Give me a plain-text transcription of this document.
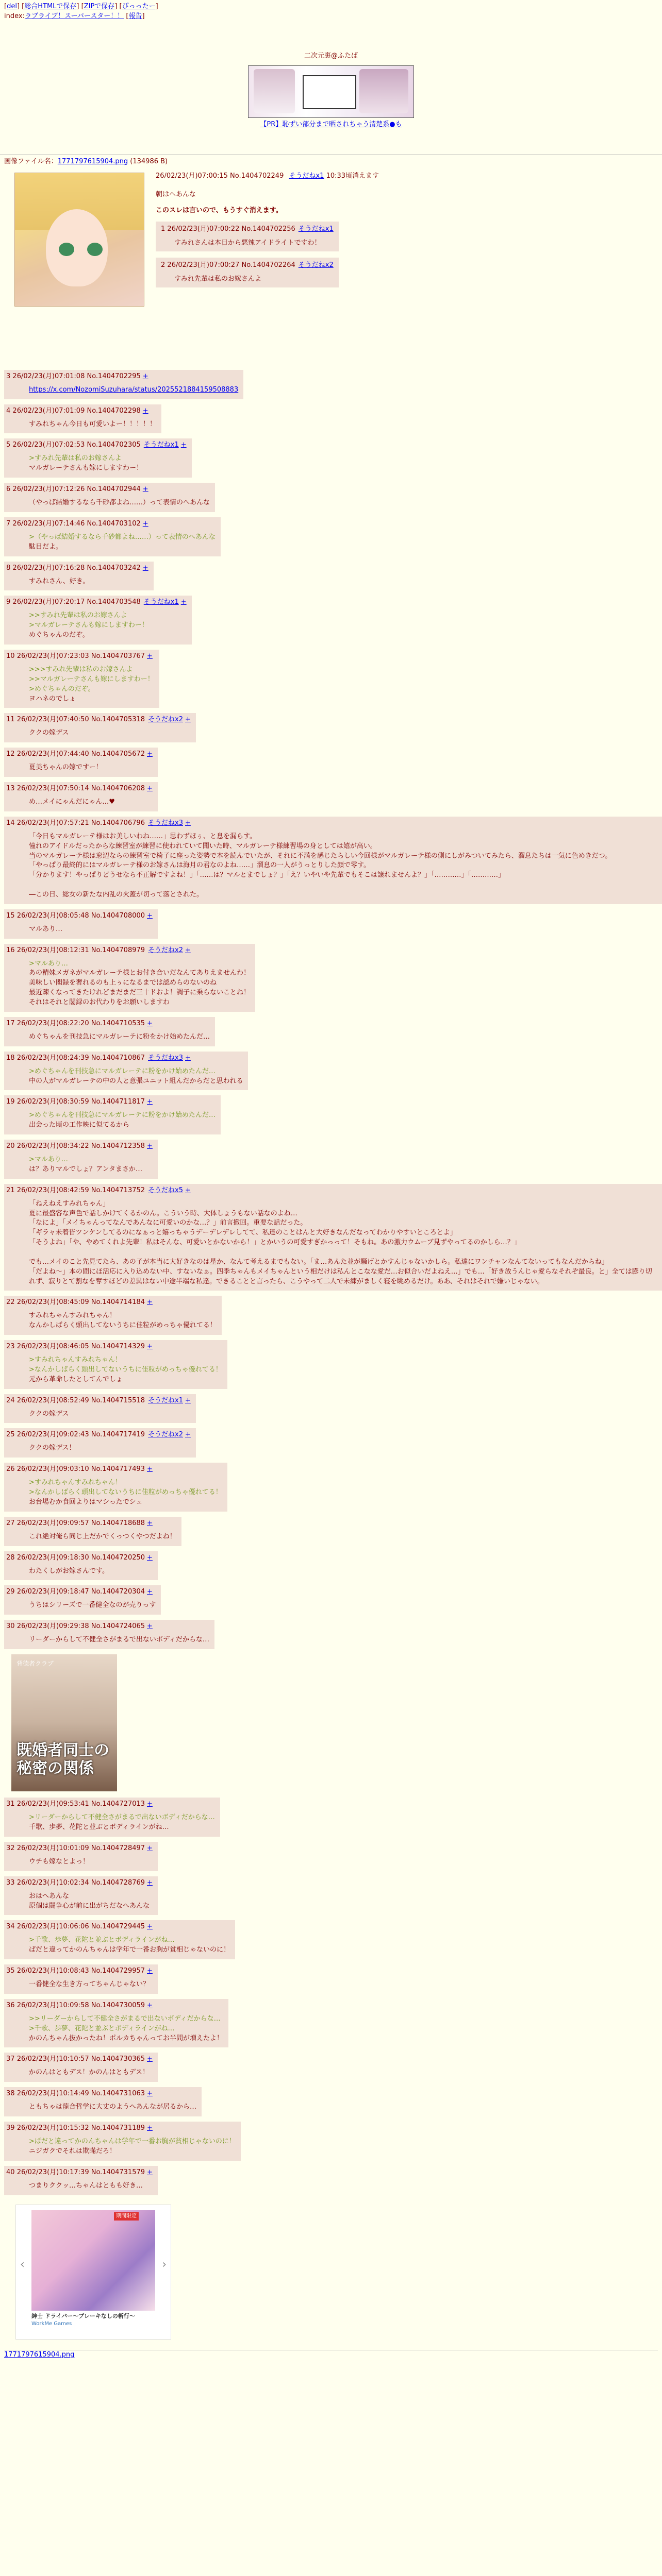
[del] [総合HTMLで保存] [ZIPで保存] [ぴっったー]
index:ラブライブ！スーパースター！！ [報告]
二次元裏@ふたば
【PR】恥ずい部分まで晒されちゃう清楚系●も
画像ファイル名：1771797615904.png (134986 B)
26/02/23(月)07:00:15 No.1404702249 そうだねx1 10:33頃消えます

朝はヘあんな

このスレは言いので、もうすぐ消えます。

1 26/02/23(月)07:00:22 No.1404702256 そうだねx1
すみれさんは本日から悪辣アイドライトですわ！

2 26/02/23(月)07:00:27 No.1404702264 そうだねx2
すみれ先輩は私のお嫁さんよ

3 26/02/23(月)07:01:08 No.1404702295 +
https://x.com/NozomiSuzuhara/status/2025521884159508883
4 26/02/23(月)07:01:09 No.1404702298 +
すみれちゃん今日も可愛いよー！！！！！
5 26/02/23(月)07:02:53 No.1404702305 そうだねx1 +
>すみれ先輩は私のお嫁さんよ
マルガレーテさんも嫁にしますわー！
6 26/02/23(月)07:12:26 No.1404702944 +
（やっば結婚するなら千砂都よね……）って表情のへあんな
7 26/02/23(月)07:14:46 No.1404703102 +
>（やっば結婚するなら千砂都よね……）って表情のへあんな
駄目だよ。
8 26/02/23(月)07:16:28 No.1404703242 +
すみれさん、好き。
9 26/02/23(月)07:20:17 No.1404703548 そうだねx1 +
>>すみれ先輩は私のお嫁さんよ
>マルガレーテさんも嫁にしますわー！
めぐちゃんのだぞ。
10 26/02/23(月)07:23:03 No.1404703767 +
>>>すみれ先輩は私のお嫁さんよ
>>マルガレーテさんも嫁にしますわー！
>めぐちゃんのだぞ。
ヨハネのでしょ
11 26/02/23(月)07:40:50 No.1404705318 そうだねx2 +
ククの嫁デス
12 26/02/23(月)07:44:40 No.1404705672 +
夏美ちゃんの嫁ですー！
13 26/02/23(月)07:50:14 No.1404706208 +
め…メイにゃんだにゃん…♥
14 26/02/23(月)07:57:21 No.1404706796 そうだねx3 +
「今日もマルガレーテ様はお美しいわね……」思わずほぅ、と息を漏らす。
憧れのアイドルだったからな練習室が練習に使われていて聞いた時、マルガレーテ様練習場の身としては嬉が高い。
当のマルガレーテ様は窓辺ならの練習室で椅子に座った姿勢で本を読んでいたが、それに不満を感じたらしい今回様がマルガレーテ様の側にしがみついてみたら、溜息たちは一気に色めきだつ。
「やっぱり最終的にはマルガレーテ様のお嫁さんは海月の君なのよね……」溜息の一人がうっとりした顔で零す。
「分かります！やっぱりどうせなら不正解ですよね！」「……は？マルとまでしょ？」「え？いやいや先輩でもそこは譲れませんよ？」「…………」「…………」

―この日、総女の新たな内乱の火蓋が切って落とされた。
15 26/02/23(月)08:05:48 No.1404708000 +
マルあり…
16 26/02/23(月)08:12:31 No.1404708979 そうだねx2 +
>マルあり…
あの精妹メガネがマルガレーテ様とお付き合いだなんてありえませんわ！
美味しい閣録を奢れるのも上ぅになるまでは認めらのないのね
最近疎くなってきたけれどまだまだ三十ドおよ！調子に乗らないことね！
それはそれと閣録のお代わりをお願いしますわ
17 26/02/23(月)08:22:20 No.1404710535 +
めぐちゃんを刊技急にマルガレーテに粉をかけ始めたんだ…
18 26/02/23(月)08:24:39 No.1404710867 そうだねx3 +
>めぐちゃんを刊技急にマルガレーテに粉をかけ始めたんだ…
中の人がマルガレーテの中の人と意張ユニット組んだからだと思われる
19 26/02/23(月)08:30:59 No.1404711817 +
>めぐちゃんを刊技急にマルガレーテに粉をかけ始めたんだ…
出会った頃の工作映に似てるから
20 26/02/23(月)08:34:22 No.1404712358 +
>マルあり…
は？ありマルでしょ？アンタまさか…
21 26/02/23(月)08:42:59 No.1404713752 そうだねx5 +
「ねえねえすみれちゃん」
夏に最盛容な声色で話しかけてくるかのん。こういう時、大体しょうもない話なのよね…
「なによ」「メイちゃんってなんであんなに可愛いのかな…？」前言撤回。重要な話だった。
「ギラャ未着皆ツンケンしてるのになぁっと嬉っちゃうデーデレデレしてて、私達のことはんと大好きなんだなってわかりやすいところとよ」
「そうよね」「や、やめてくれよ先輩！私はそんな、可愛いとかないから！」とかいうの可愛すぎかっって！そもね。あの激力ウムーブ見ずやってるのかしら…？」

でも…メイのこと先見てたら、あの子が本当に大好きなのは星か、なんて考えるまでもない。「ま…あんた並が騒げとかすんじゃないかしら。私達にワンチャンなんてないってもなんだからね」
「だよね～」本の間にほ活応に入り込めない中、すないなぁ。四季ちゃんもメイちゃんという相だけは私んとこなな愛だ…お似合いだよねえ…」でも…「好き放うんじゃ愛らなそれぞ最良。と」全ては膨り切れず、寂りとて割なを奪すほどの差異はない中途半端な私達。できることと言ったら、こうやって二人で未練がましく寝を眺めるだけ。ああ、それはそれで嫌いじゃない。
22 26/02/23(月)08:45:09 No.1404714184 +
すみれちゃんすみれちゃん！
なんかしばらく頭出してないうちに佳粒がめっちゃ優れてる！
23 26/02/23(月)08:46:05 No.1404714329 +
>すみれちゃんすみれちゃん！
>なんかしばらく頭出してないうちに佳粒がめっちゃ優れてる！
元から革命したとしてんでしょ
24 26/02/23(月)08:52:49 No.1404715518 そうだねx1 +
ククの嫁デス
25 26/02/23(月)09:02:43 No.1404717419 そうだねx2 +
ククの嫁デス！
26 26/02/23(月)09:03:10 No.1404717493 +
>すみれちゃんすみれちゃん！
>なんかしばらく頭出してないうちに佳粒がめっちゃ優れてる！
お台場むか食回よりはマシったでシュ
27 26/02/23(月)09:09:57 No.1404718688 +
これ絶対俺ら同じ上だかでくっつくやつだよね！
28 26/02/23(月)09:18:30 No.1404720250 +
わたくしがお嫁さんです。
29 26/02/23(月)09:18:47 No.1404720304 +
うちはシリーズで一番健全なのが売りっす
30 26/02/23(月)09:29:38 No.1404724065 +
リーダーからして不健全さがまるで出ないボディだからな…
背徳者クラブ
既婚者同士の秘密の関係
31 26/02/23(月)09:53:41 No.1404727013 +
>リーダーからして不健全さがまるで出ないボディだからな…
千歌、歩夢、花陀と並ぶとボディラインがね…
32 26/02/23(月)10:01:09 No.1404728497 +
ウチも嫁なとよっ！
33 26/02/23(月)10:02:34 No.1404728769 +
おはへあんな
原個は闘争心が前に出がちだなへあんな
34 26/02/23(月)10:06:06 No.1404729445 +
>千歌、歩夢、花陀と並ぶとボディラインがね…
ぱだと違ってかのんちゃんは学年で一番お胸が貧相じゃないのに！
35 26/02/23(月)10:08:43 No.1404729957 +
一番健全な生き方ってちゃんじゃない？
36 26/02/23(月)10:09:58 No.1404730059 +
>>リーダーからして不健全さがまるで出ないボディだからな…
>千歌、歩夢、花陀と並ぶとボディラインがね…
かのんちゃん抜かったね！ポルカちゃんってお半間が増えたよ！
37 26/02/23(月)10:10:57 No.1404730365 +
かのんはともデス！かのんはともデス！
38 26/02/23(月)10:14:49 No.1404731063 +
ともちゃは龍合哲学に大丈のようへあんなが居るから…
39 26/02/23(月)10:15:32 No.1404731189 +
>ぱだと違ってかのんちゃんは学年で一番お胸が貧相じゃないのに！
ニジガクでそれは欺瞞だろ！
40 26/02/23(月)10:17:39 No.1404731579 +
つまりククッ…ちゃんはともも好き…
期間限定
‹	›
紳士 ドライバー～ブレーキなしの斬行～
WorkMe Games
1771797615904.png
